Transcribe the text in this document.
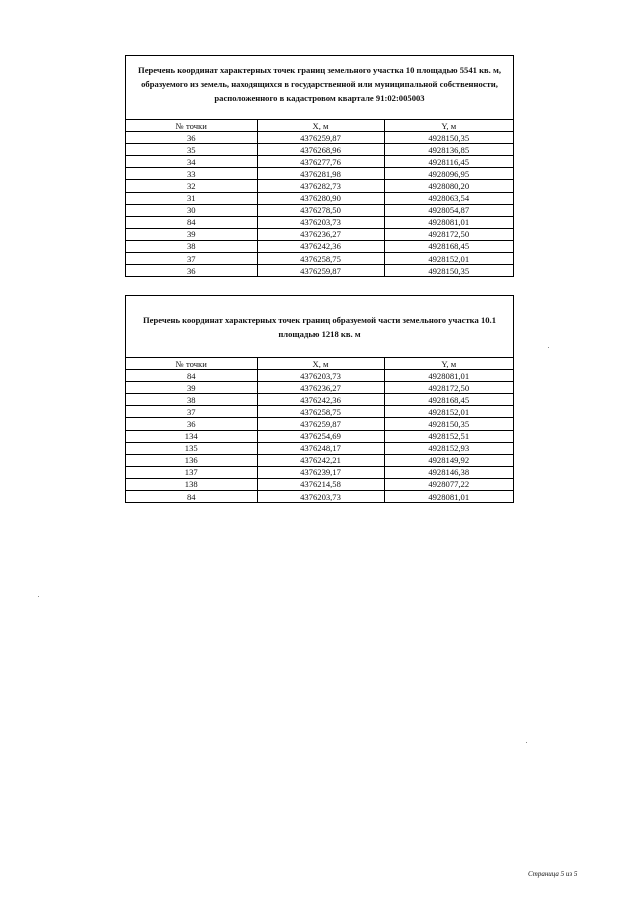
Перечень координат характерных точек границ земельного участка 10 площадью 5541 кв. м, образуемого из земель, находящихся в государственной или муниципальной собственности, расположенного в кадастровом квартале 91:02:005003
№ точки	X, м	Y, м
36	4376259,87	4928150,35
35	4376268,96	4928136,85
34	4376277,76	4928116,45
33	4376281,98	4928096,95
32	4376282,73	4928080,20
31	4376280,90	4928063,54
30	4376278,50	4928054,87
84	4376203,73	4928081,01
39	4376236,27	4928172,50
38	4376242,36	4928168,45
37	4376258,75	4928152,01
36	4376259,87	4928150,35
Перечень координат характерных точек границ образуемой части земельного участка 10.1 площадью 1218 кв. м
№ точки	X, м	Y, м
84	4376203,73	4928081,01
39	4376236,27	4928172,50
38	4376242,36	4928168,45
37	4376258,75	4928152,01
36	4376259,87	4928150,35
134	4376254,69	4928152,51
135	4376248,17	4928152,93
136	4376242,21	4928149,92
137	4376239,17	4928146,38
138	4376214,58	4928077,22
84	4376203,73	4928081,01
Страница 5 из 5
